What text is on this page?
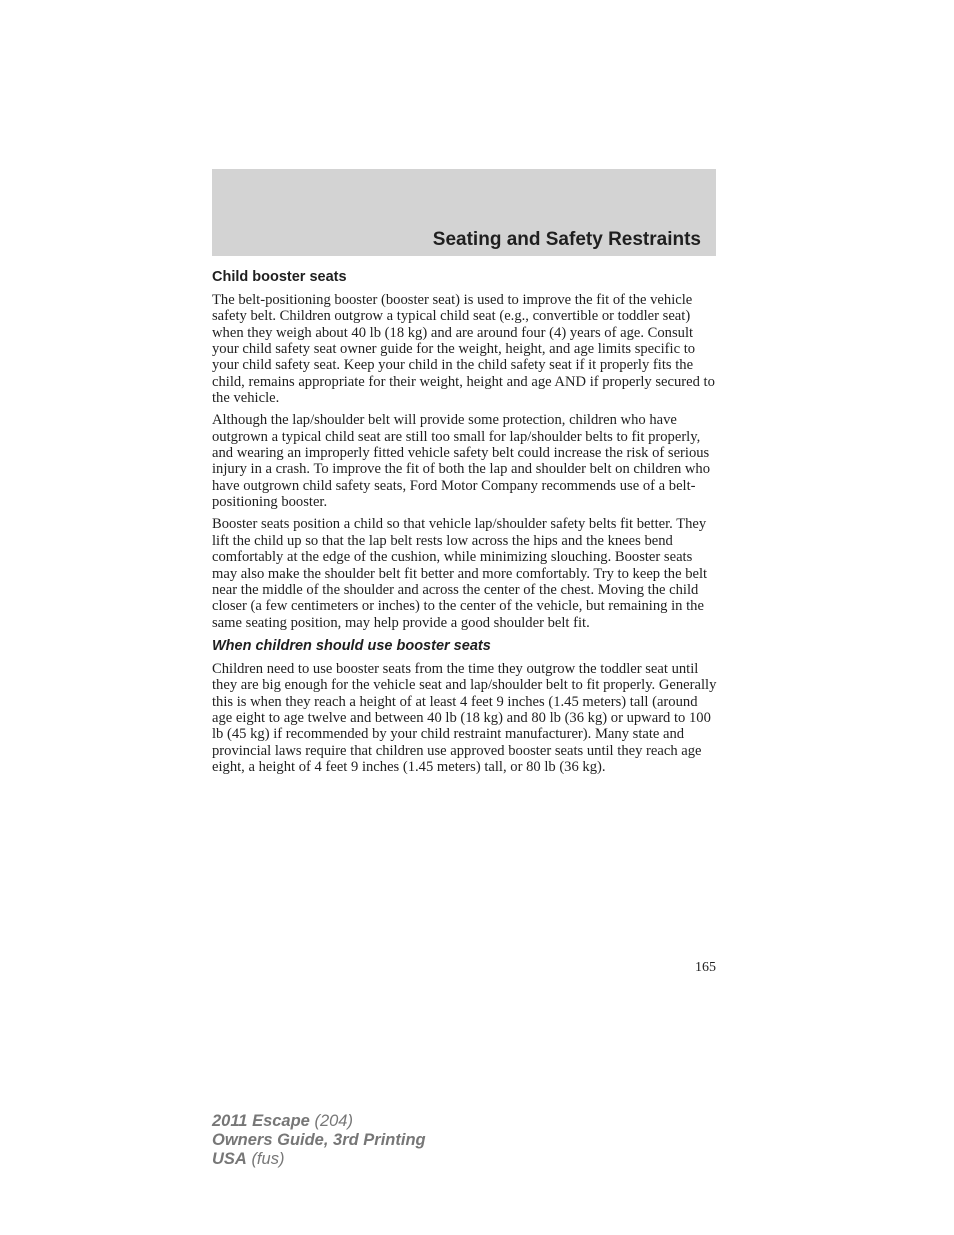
Seating and Safety Restraints
Child booster seats

The belt-positioning booster (booster seat) is used to improve the fit of the vehicle safety belt. Children outgrow a typical child seat (e.g., convertible or toddler seat) when they weigh about 40 lb (18 kg) and are around four (4) years of age. Consult your child safety seat owner guide for the weight, height, and age limits specific to your child safety seat. Keep your child in the child safety seat if it properly fits the child, remains appropriate for their weight, height and age AND if properly secured to the vehicle.

Although the lap/shoulder belt will provide some protection, children who have outgrown a typical child seat are still too small for lap/shoulder belts to fit properly, and wearing an improperly fitted vehicle safety belt could increase the risk of serious injury in a crash. To improve the fit of both the lap and shoulder belt on children who have outgrown child safety seats, Ford Motor Company recommends use of a belt-positioning booster.

Booster seats position a child so that vehicle lap/shoulder safety belts fit better. They lift the child up so that the lap belt rests low across the hips and the knees bend comfortably at the edge of the cushion, while minimizing slouching. Booster seats may also make the shoulder belt fit better and more comfortably. Try to keep the belt near the middle of the shoulder and across the center of the chest. Moving the child closer (a few centimeters or inches) to the center of the vehicle, but remaining in the same seating position, may help provide a good shoulder belt fit.

When children should use booster seats

Children need to use booster seats from the time they outgrow the toddler seat until they are big enough for the vehicle seat and lap/shoulder belt to fit properly. Generally this is when they reach a height of at least 4 feet 9 inches (1.45 meters) tall (around age eight to age twelve and between 40 lb (18 kg) and 80 lb (36 kg) or upward to 100 lb (45 kg) if recommended by your child restraint manufacturer). Many state and provincial laws require that children use approved booster seats until they reach age eight, a height of 4 feet 9 inches (1.45 meters) tall, or 80 lb (36 kg).

165
2011 Escape (204)
Owners Guide, 3rd Printing
USA (fus)
